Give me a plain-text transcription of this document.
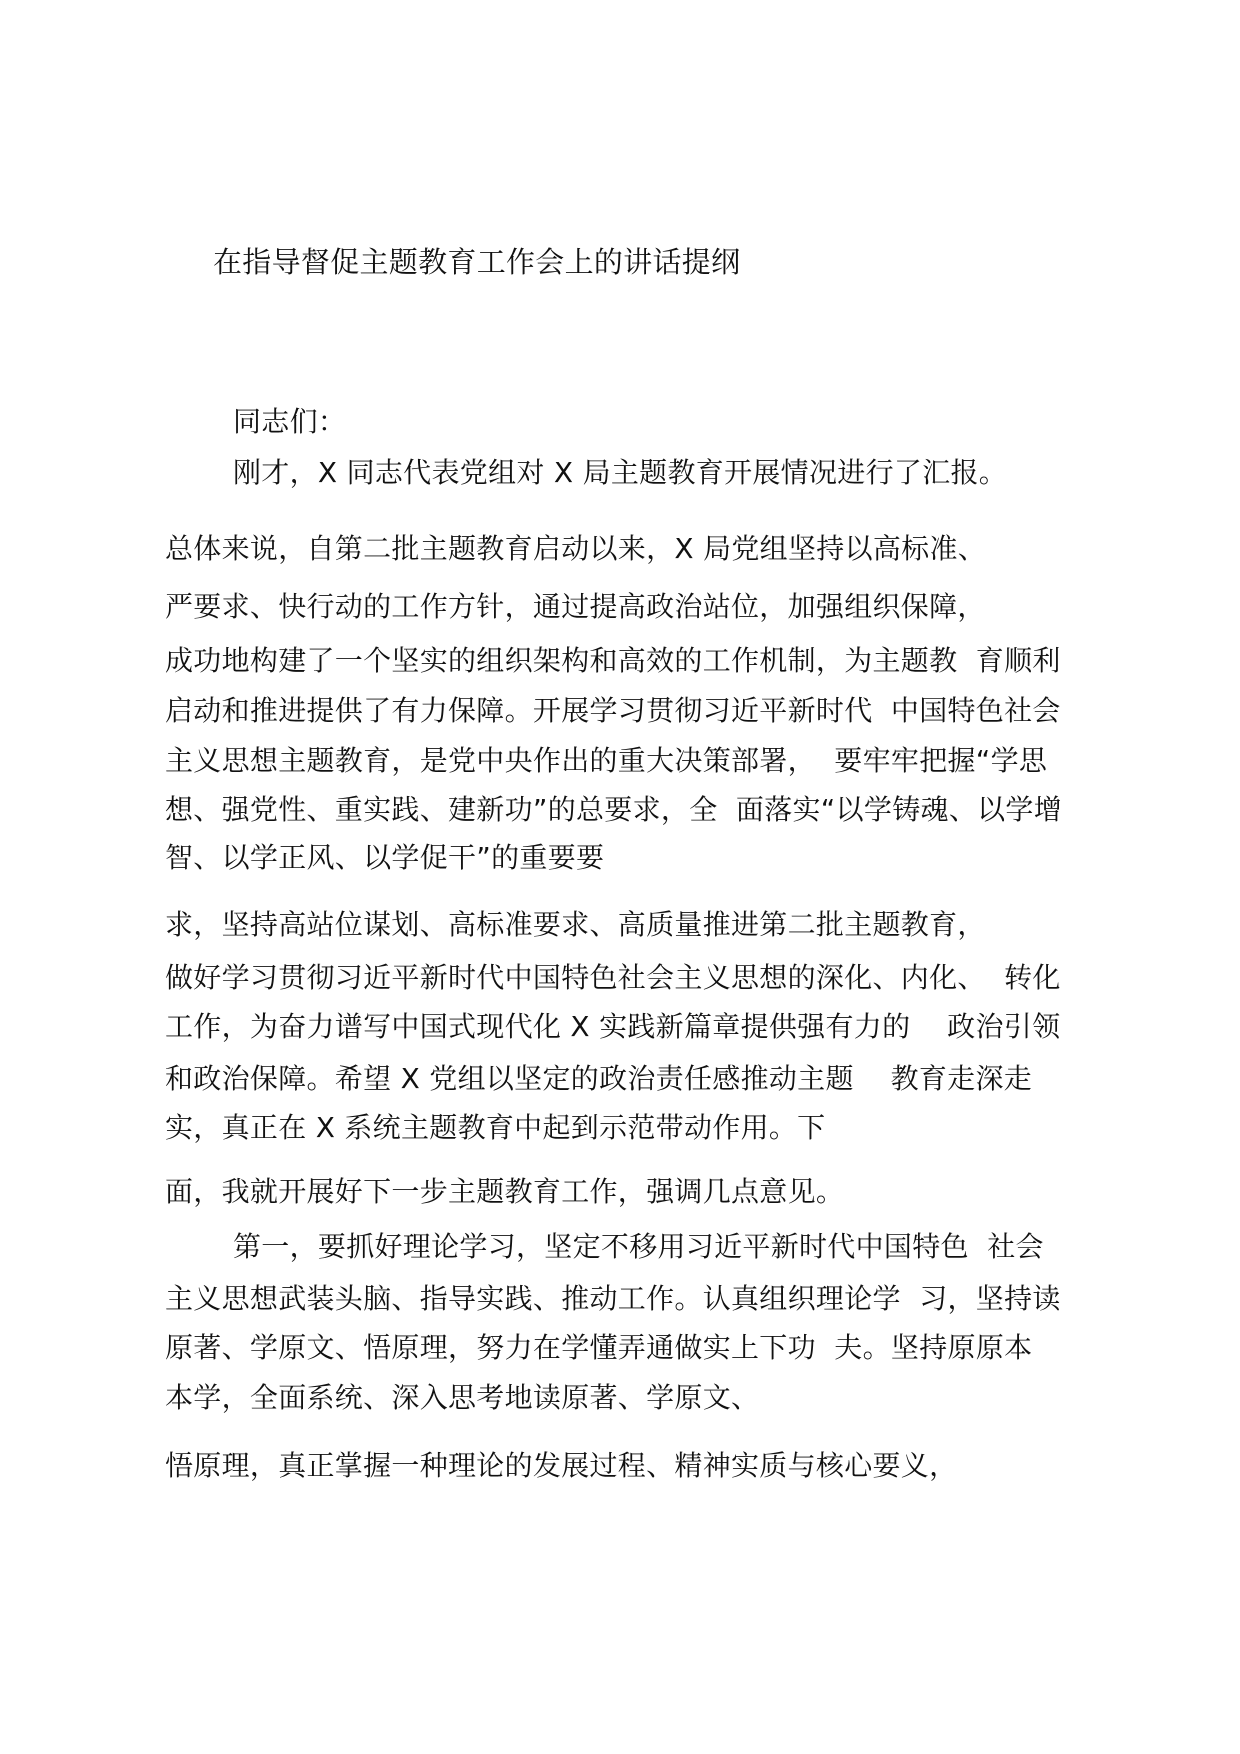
在指导督促主题教育工作会上的讲话提纲
同志们：
刚才，X 同志代表党组对 X 局主题教育开展情况进行了汇报。
总体来说，自第二批主题教育启动以来，X 局党组坚持以高标准、
严要求、快行动的工作方针，通过提高政治站位，加强组织保障，
成功地构建了一个坚实的组织架构和高效的工作机制，为主题教  育顺利
启动和推进提供了有力保障。开展学习贯彻习近平新时代  中国特色社会
主义思想主题教育，是党中央作出的重大决策部署，  要牢牢把握“学思
想、强党性、重实践、建新功”的总要求，全  面落实“以学铸魂、以学增
智、以学正风、以学促干”的重要要
求，坚持高站位谋划、高标准要求、高质量推进第二批主题教育，
做好学习贯彻习近平新时代中国特色社会主义思想的深化、内化、  转化
工作，为奋力谱写中国式现代化 X 实践新篇章提供强有力的    政治引领
和政治保障。希望 X 党组以坚定的政治责任感推动主题    教育走深走
实，真正在 X 系统主题教育中起到示范带动作用。下
面，我就开展好下一步主题教育工作，强调几点意见。
第一，要抓好理论学习，坚定不移用习近平新时代中国特色  社会
主义思想武装头脑、指导实践、推动工作。认真组织理论学  习，坚持读
原著、学原文、悟原理，努力在学懂弄通做实上下功  夫。坚持原原本
本学，全面系统、深入思考地读原著、学原文、
悟原理，真正掌握一种理论的发展过程、精神实质与核心要义，
